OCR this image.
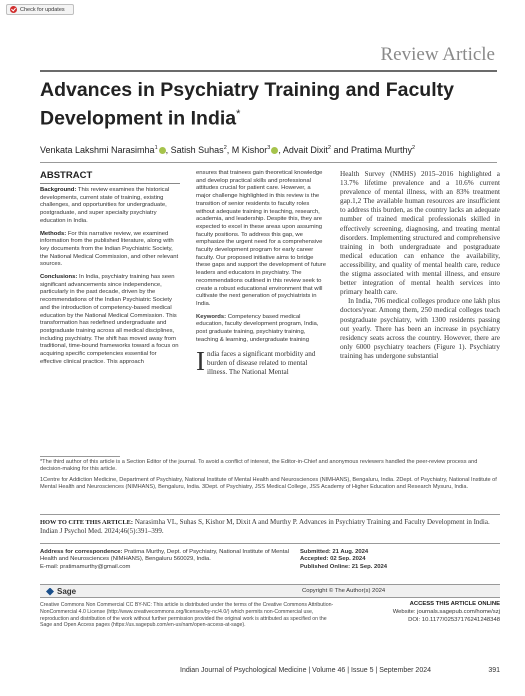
Check for updates
Review Article
Advances in Psychiatry Training and Faculty Development in India*
Venkata Lakshmi Narasimha$^1$ , Satish Suhas$^2$, M Kishor$^3$ , Advait Dixit$^2$ and Pratima Murthy$^2$
ABSTRACT

Background: This review examines the historical developments, current state of training, existing challenges, and opportunities for undergraduate, postgraduate, and super specialty psychiatry education in India.

Methods: For this narrative review, we examined information from the published literature, along with key documents from the Indian Psychiatric Society, the National Medical Commission, and other relevant sources.

Conclusions: In India, psychiatry training has seen significant advancements since independence, particularly in the past decade, driven by the recommendations of the Indian Psychiatric Society and the introduction of competency-based medical education by the National Medical Commission. This transformation has redefined undergraduate and postgraduate training across all medical disciplines, including psychiatry. The shift has moved away from traditional, time-bound frameworks toward a focus on acquiring specific competencies essential for effective clinical practice. This approach

ensures that trainees gain theoretical knowledge and develop practical skills and professional attitudes crucial for patient care. However, a major challenge highlighted in this review is the transition of senior residents to faculty roles without adequate training in teaching, research, academia, and leadership. Despite this, they are expected to excel in these areas upon assuming faculty positions. To address this gap, we emphasize the urgent need for a comprehensive faculty development program for early career faculty. Our proposed initiative aims to bridge these gaps and support the development of future leaders and educators in psychiatry. The recommendations outlined in this review seek to create a robust educational environment that will cultivate the next generation of psychiatrists in India.

Keywords: Competency based medical education, faculty development program, India, post graduate training, psychiatry training, teaching & learning, undergraduate training

India faces a significant morbidity and burden of disease related to mental illness. The National Mental

Health Survey (NMHS) 2015–2016 highlighted a 13.7% lifetime prevalence and a 10.6% current prevalence of mental illness, with an 83% treatment gap.1,2 The available human resources are insufficient to address this burden, as the country lacks an adequate number of trained medical professionals skilled in effectively screening, diagnosing, and treating mental disorders. Implementing structured and comprehensive training in both undergraduate and postgraduate medical education can enhance the availability, accessibility, and quality of mental health care, reduce the stigma associated with mental illness, and ensure better integration of mental health services into primary health care.

In India, 706 medical colleges produce one lakh plus doctors/year. Among them, 250 medical colleges teach postgraduate psychiatry, with 1300 residents passing out yearly. There has been an increase in psychiatry residency seats across the country. However, there are only 6000 psychiatry teachers (Figure 1). Psychiatry training has undergone substantial

*The third author of this article is a Section Editor of the journal. To avoid a conflict of interest, the Editor-in-Chief and anonymous reviewers handled the peer-review process and decision-making for this article.
1Centre for Addiction Medicine, Department of Psychiatry, National Institute of Mental Health and Neurosciences (NIMHANS), Bengaluru, India. 2Dept. of Psychiatry, National Institute of Mental Health and Neurosciences (NIMHANS), Bengaluru, India. 3Dept. of Psychiatry, JSS Medical College, JSS Academy of Higher Education and Research Mysuru, India.
HOW TO CITE THIS ARTICLE: Narasimha VL, Suhas S, Kishor M, Dixit A and Murthy P. Advances in Psychiatry Training and Faculty Development in India. Indian J Psychol Med. 2024;46(5):391–399.
Address for correspondence: Pratima Murthy, Dept. of Psychiatry, National Institute of Mental Health and Neurosciences (NIMHANS), Bengaluru 560029, India.
E-mail: pratimamurthy@gmail.com
Submitted: 21 Aug. 2024
Accepted: 02 Sep. 2024
Published Online: 21 Sep. 2024
Sage	Copyright © The Author(s) 2024
Creative Commons Non Commercial CC BY-NC: This article is distributed under the terms of the Creative Commons Attribution- NonCommercial 4.0 License (http://www.creativecommons.org/licenses/by-nc/4.0/) which permits non-Commercial use, reproduction and distribution of the work without further permission provided the original work is attributed as specified on the Sage and Open Access pages (https://us.sagepub.com/en-us/nam/open-access-at-sage).
ACCESS THIS ARTICLE ONLINE
Website: journals.sagepub.com/home/szj
DOI: 10.1177/02537176241248348
Indian Journal of Psychological Medicine | Volume 46 | Issue 5 | September 2024	391
